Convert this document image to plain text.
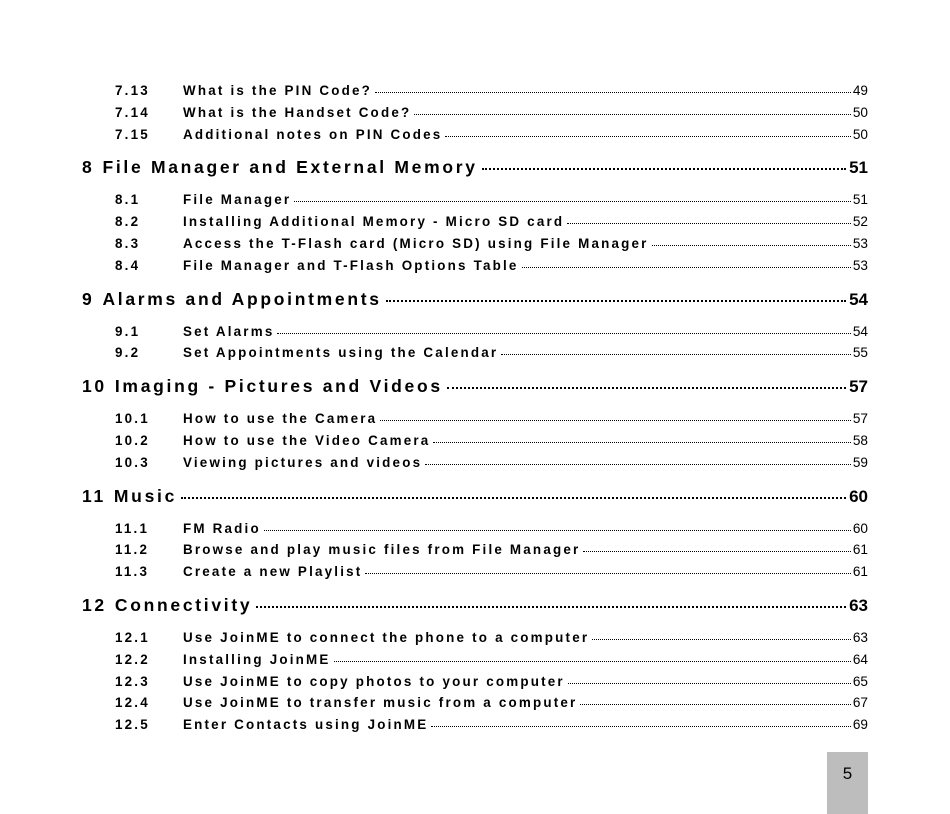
7.13	What is the PIN Code?	49
7.14	What is the Handset Code?	50
7.15	Additional notes on PIN Codes	50
8 File Manager and External Memory	51
8.1	File Manager	51
8.2	Installing Additional Memory - Micro SD card	52
8.3	Access the T-Flash card (Micro SD) using File Manager	53
8.4	File Manager and T-Flash Options Table	53
9 Alarms and Appointments	54
9.1	Set Alarms	54
9.2	Set Appointments using the Calendar	55
10 Imaging - Pictures and Videos	57
10.1	How to use the Camera	57
10.2	How to use the Video Camera	58
10.3	Viewing pictures and videos	59
11 Music	60
11.1	FM Radio	60
11.2	Browse and play music files from File Manager	61
11.3	Create a new Playlist	61
12 Connectivity	63
12.1	Use JoinME to connect the phone to a computer	63
12.2	Installing JoinME	64
12.3	Use JoinME to copy photos to your computer	65
12.4	Use JoinME to transfer music from a computer	67
12.5	Enter Contacts using JoinME	69
5
